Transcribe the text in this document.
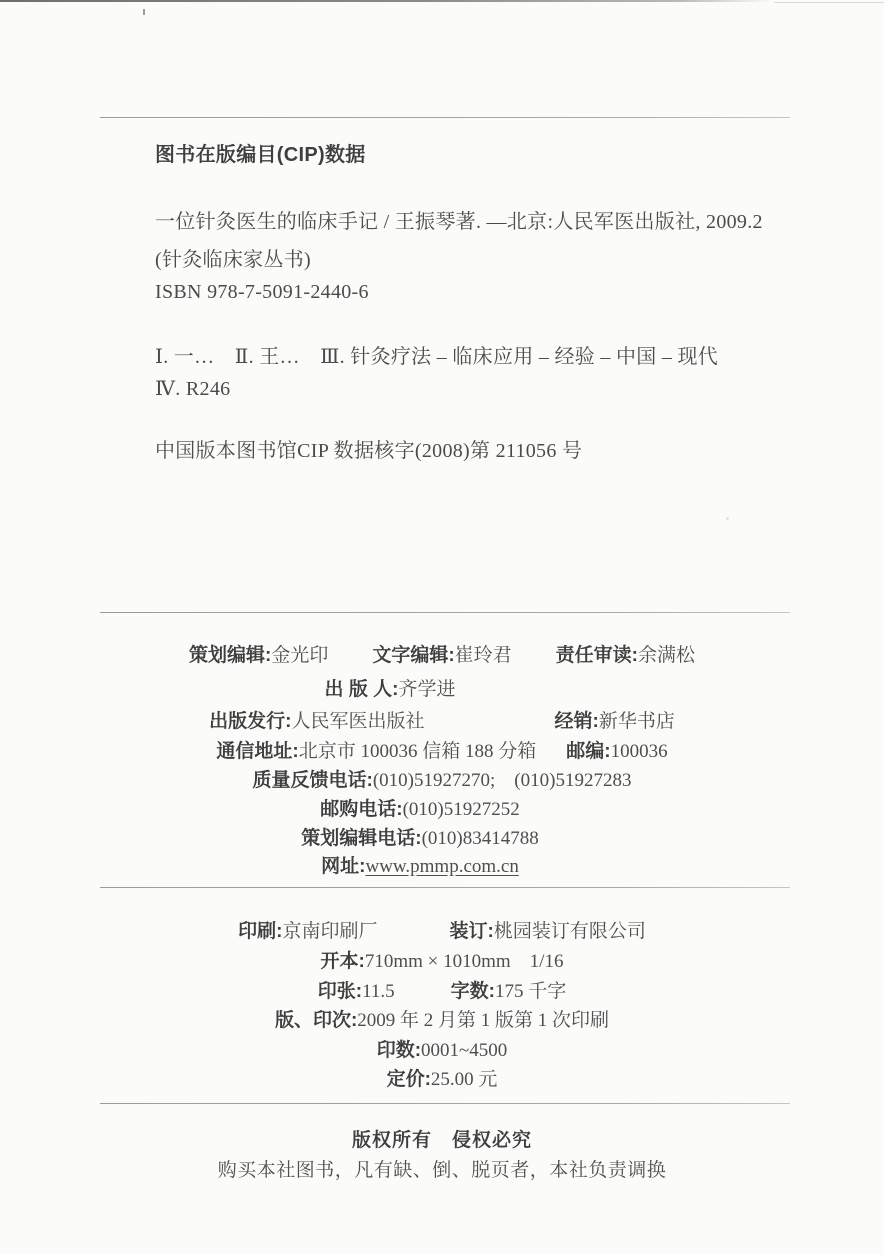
图书在版编目(CIP)数据
一位针灸医生的临床手记 / 王振琴著. —北京:人民军医出版社, 2009.2
(针灸临床家丛书)
ISBN 978-7-5091-2440-6
Ⅰ. 一…　Ⅱ. 王…　Ⅲ. 针灸疗法 – 临床应用 – 经验 – 中国 – 现代
Ⅳ. R246
中国版本图书馆CIP 数据核字(2008)第 211056 号
策划编辑:金光印 文字编辑:崔玲君 责任审读:余满松
出 版 人:齐学进
出版发行:人民军医出版社	经销:新华书店
通信地址:北京市 100036 信箱 188 分箱 邮编:100036
质量反馈电话:(010)51927270;　(010)51927283
邮购电话:(010)51927252
策划编辑电话:(010)83414788
网址:www.pmmp.com.cn
印刷:京南印刷厂	装订:桃园装订有限公司
开本:710mm × 1010mm　1/16
印张:11.5	字数:175 千字
版、印次:2009 年 2 月第 1 版第 1 次印刷
印数:0001~4500
定价:25.00 元
版权所有　侵权必究
购买本社图书，凡有缺、倒、脱页者，本社负责调换
